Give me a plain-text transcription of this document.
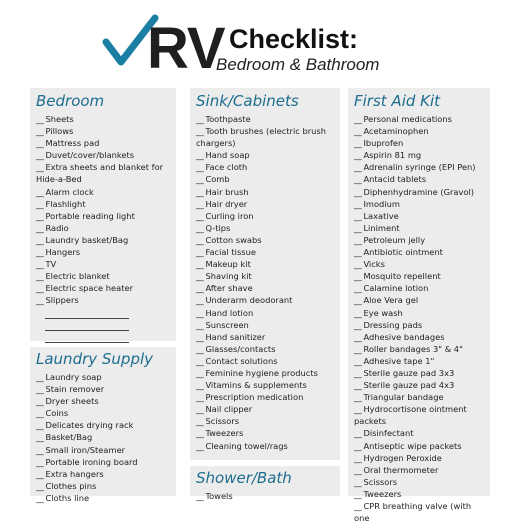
RV Checklist:
Bedroom & Bathroom
Bedroom
__ Sheets
__ Pillows
__ Mattress pad
__ Duvet/cover/blankets
__ Extra sheets and blanket for
Hide-a-Bed
__ Alarm clock
__ Flashlight
__ Portable reading light
__ Radio
__ Laundry basket/Bag
__ Hangers
__ TV
__ Electric blanket
__ Electric space heater
__ Slippers
Laundry Supply
__ Laundry soap
__ Stain remover
__ Dryer sheets
__ Coins
__ Delicates drying rack
__ Basket/Bag
__ Small iron/Steamer
__ Portable ironing board
__ Extra hangers
__ Clothes pins
__ Cloths line
Sink/Cabinets
__ Toothpaste
__ Tooth brushes (electric brush
chargers)
__ Hand soap
__ Face cloth
__ Comb
__ Hair brush
__ Hair dryer
__ Curling iron
__ Q-tips
__ Cotton swabs
__ Facial tissue
__ Makeup kit
__ Shaving kit
__ After shave
__ Underarm deodorant
__ Hand lotion
__ Sunscreen
__ Hand sanitizer
__ Glasses/contacts
__ Contact solutions
__ Feminine hygiene products
__ Vitamins & supplements
__ Prescription medication
__ Nail clipper
__ Scissors
__ Tweezers
__ Cleaning towel/rags
Shower/Bath
__ Towels
First Aid Kit
__ Personal medications
__ Acetaminophen
__ Ibuprofen
__ Aspirin 81 mg
__ Adrenalin syringe (EPI Pen)
__ Antacid tablets
__ Diphenhydramine (Gravol)
__ Imodium
__ Laxative
__ Liniment
__ Petroleum jelly
__ Antibiotic ointment
__ Vicks
__ Mosquito repellent
__ Calamine lotion
__ Aloe Vera gel
__ Eye wash
__ Dressing pads
__ Adhesive bandages
__ Roller bandages 3" & 4"
__ Adhesive tape 1"
__ Sterile gauze pad 3x3
__ Sterile gauze pad 4x3
__ Triangular bandage
__ Hydrocortisone ointment packets
__ Disinfectant
__ Antiseptic wipe packets
__ Hydrogen Peroxide
__ Oral thermometer
__ Scissors
__ Tweezers
__ CPR breathing valve (with one
